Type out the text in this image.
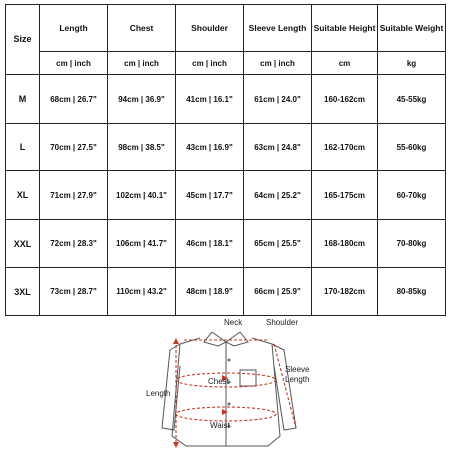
Size	Length	Chest	Shoulder	Sleeve Length	Suitable Height	Suitable Weight
	cm | inch	cm | inch	cm | inch	cm | inch	cm	kg
M	68cm | 26.7"	94cm | 36.9"	41cm | 16.1"	61cm | 24.0"	160-162cm	45-55kg
L	70cm | 27.5"	98cm | 38.5"	43cm | 16.9"	63cm | 24.8"	162-170cm	55-60kg
XL	71cm | 27.9"	102cm | 40.1"	45cm | 17.7"	64cm | 25.2"	165-175cm	60-70kg
XXL	72cm | 28.3"	106cm | 41.7"	46cm | 18.1"	65cm | 25.5"	168-180cm	70-80kg
3XL	73cm | 28.7"	110cm | 43.2"	48cm | 18.9"	66cm | 25.9"	170-182cm	80-85kg
Neck	Shoulder
Sleeve
Length
Length
Chest
Waist
